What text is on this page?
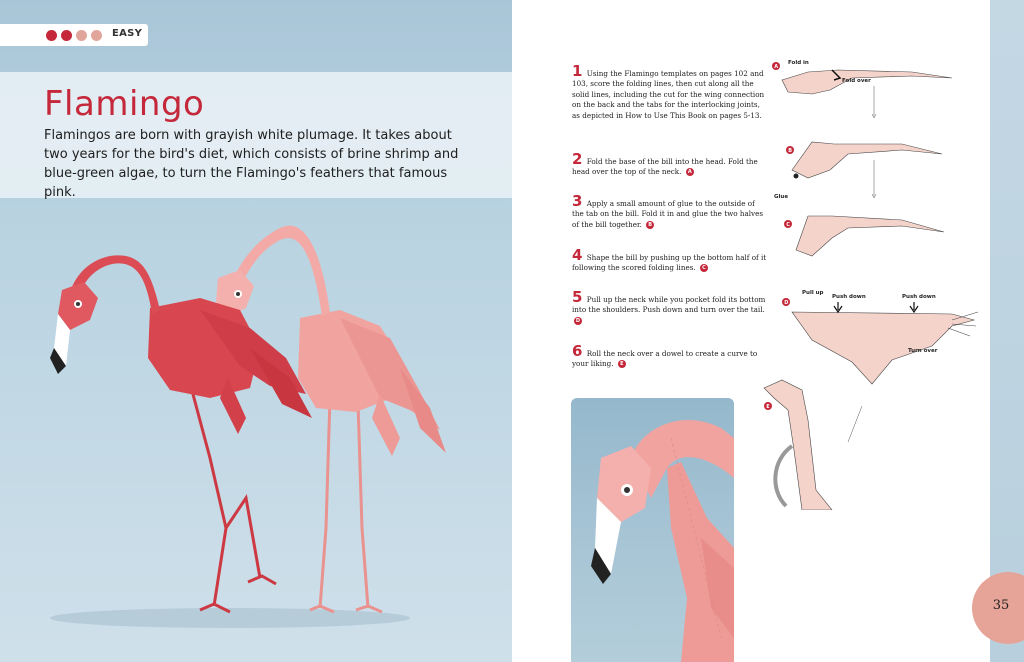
EASY
Flamingo
Flamingos are born with grayish white plumage. It takes about two years for the bird's diet, which consists of brine shrimp and blue-green algae, to turn the Flamingo's feathers that famous pink.
1 Using the Flamingo templates on pages 102 and 103, score the folding lines, then cut along all the solid lines, including the cut for the wing connection on the back and the tabs for the interlocking joints, as depicted in How to Use This Book on pages 5-13.
2 Fold the base of the bill into the head. Fold the head over the top of the neck. A
3 Apply a small amount of glue to the outside of the tab on the bill. Fold it in and glue the two halves of the bill together. B
4 Shape the bill by pushing up the bottom half of it following the scored folding lines. C
5 Pull up the neck while you pocket fold its bottom into the shoulders. Push down and turn over the tail. D
6 Roll the neck over a dowel to create a curve to your liking. E
A
Fold in
Fold over
B
Glue
C
D
Pull up
Push down	Push down
Turn over
E
35
